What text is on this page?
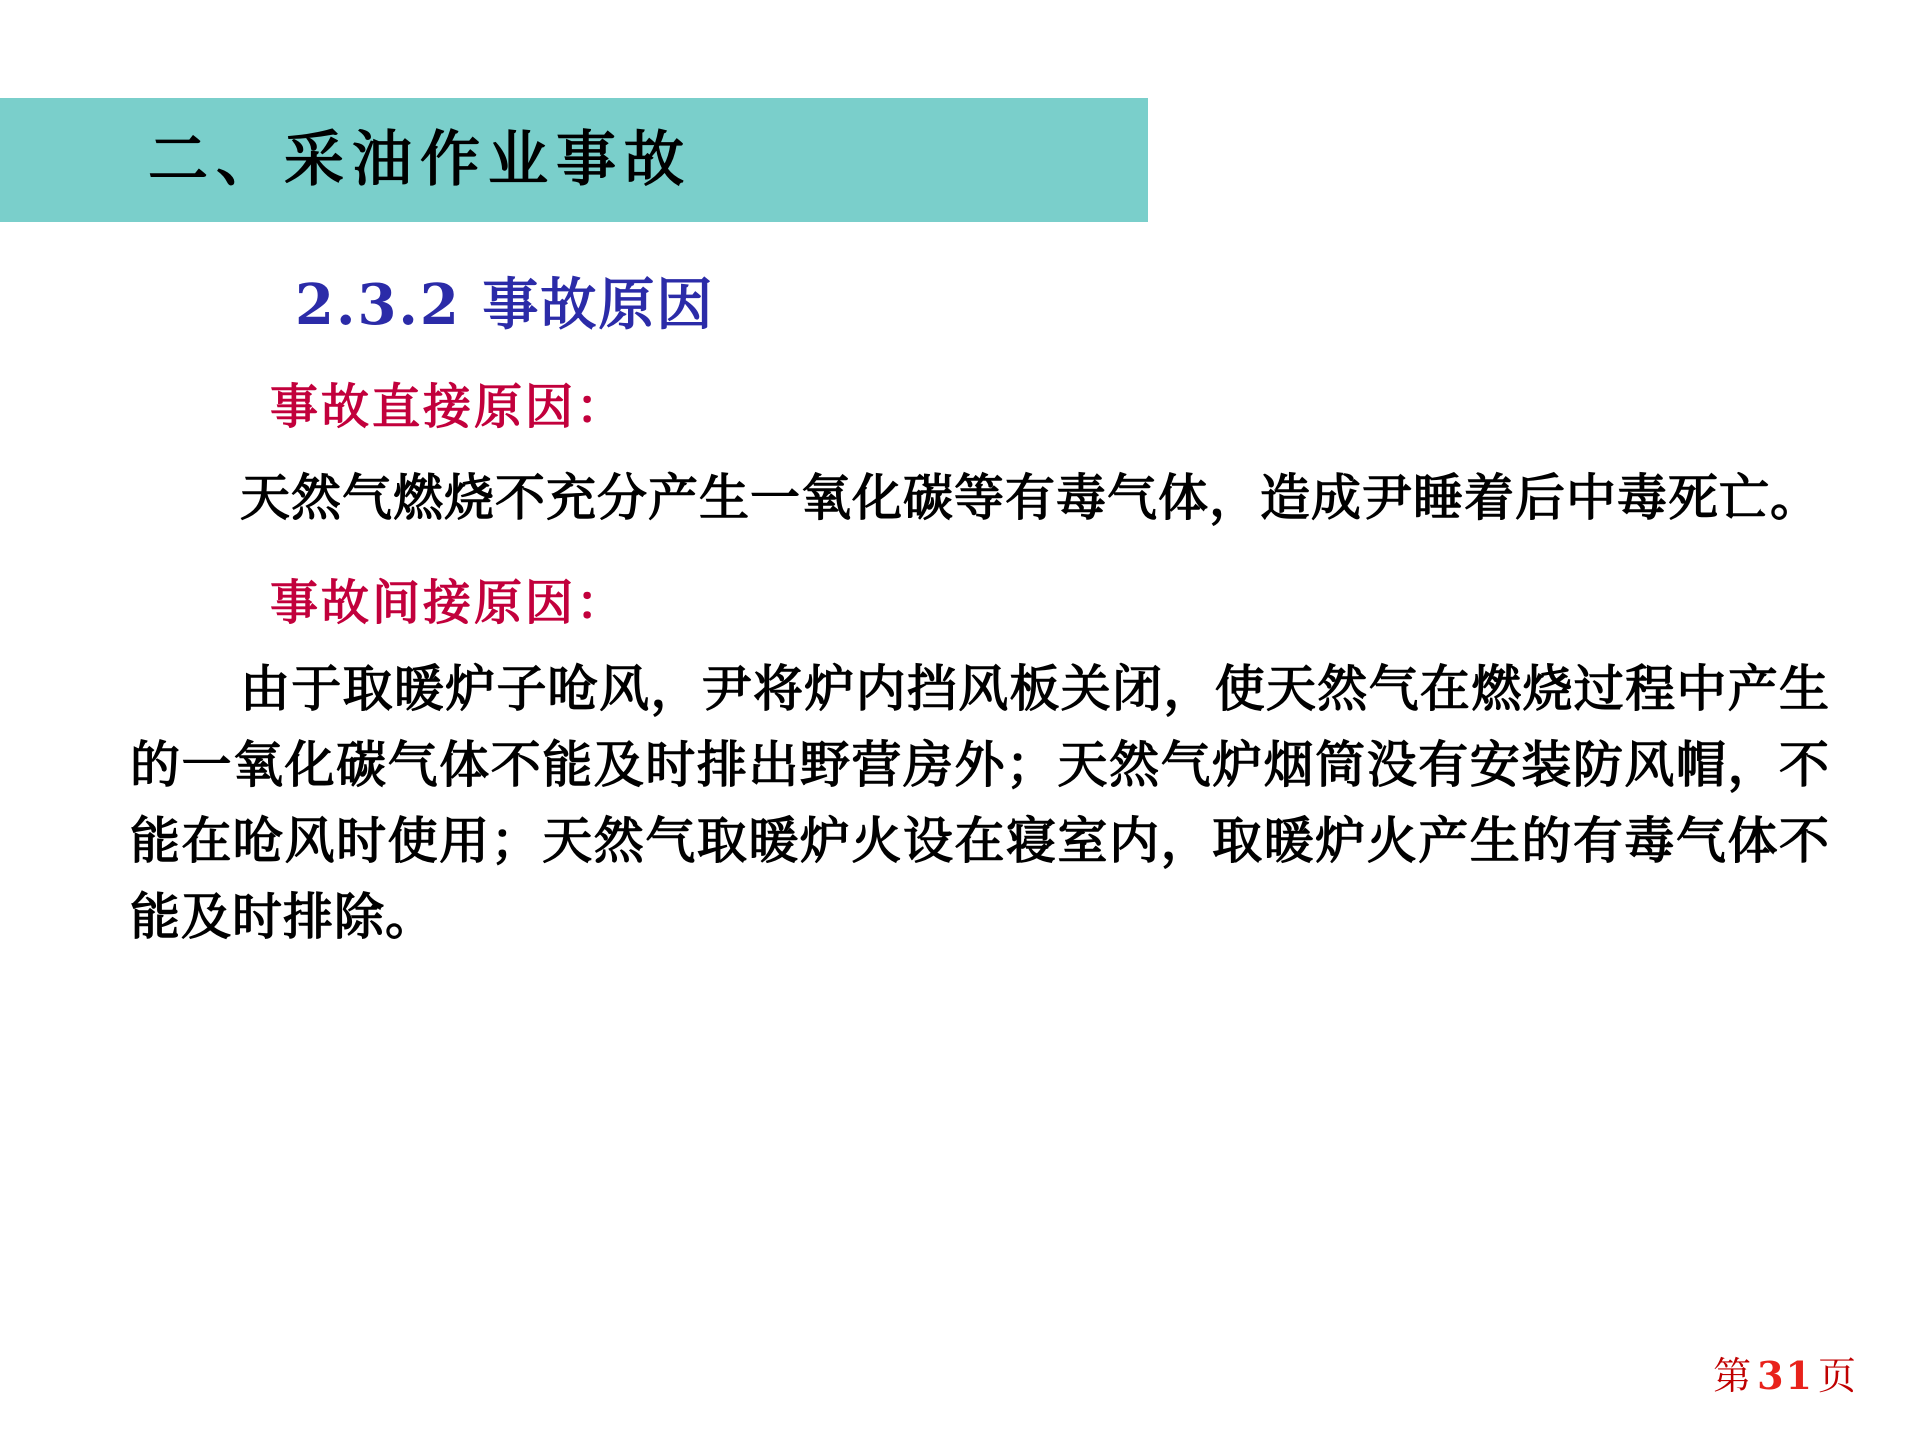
二、采油作业事故
2.3.2 事故原因
事故直接原因：

天然气燃烧不充分产生一氧化碳等有毒气体，造成尹睡着后中毒死亡。

事故间接原因：

由于取暖炉子呛风，尹将炉内挡风板关闭，使天然气在燃烧过程中产生的一氧化碳气体不能及时排出野营房外；天然气炉烟筒没有安装防风帽，不能在呛风时使用；天然气取暖炉火设在寝室内，取暖炉火产生的有毒气体不能及时排除。

第 31 页
